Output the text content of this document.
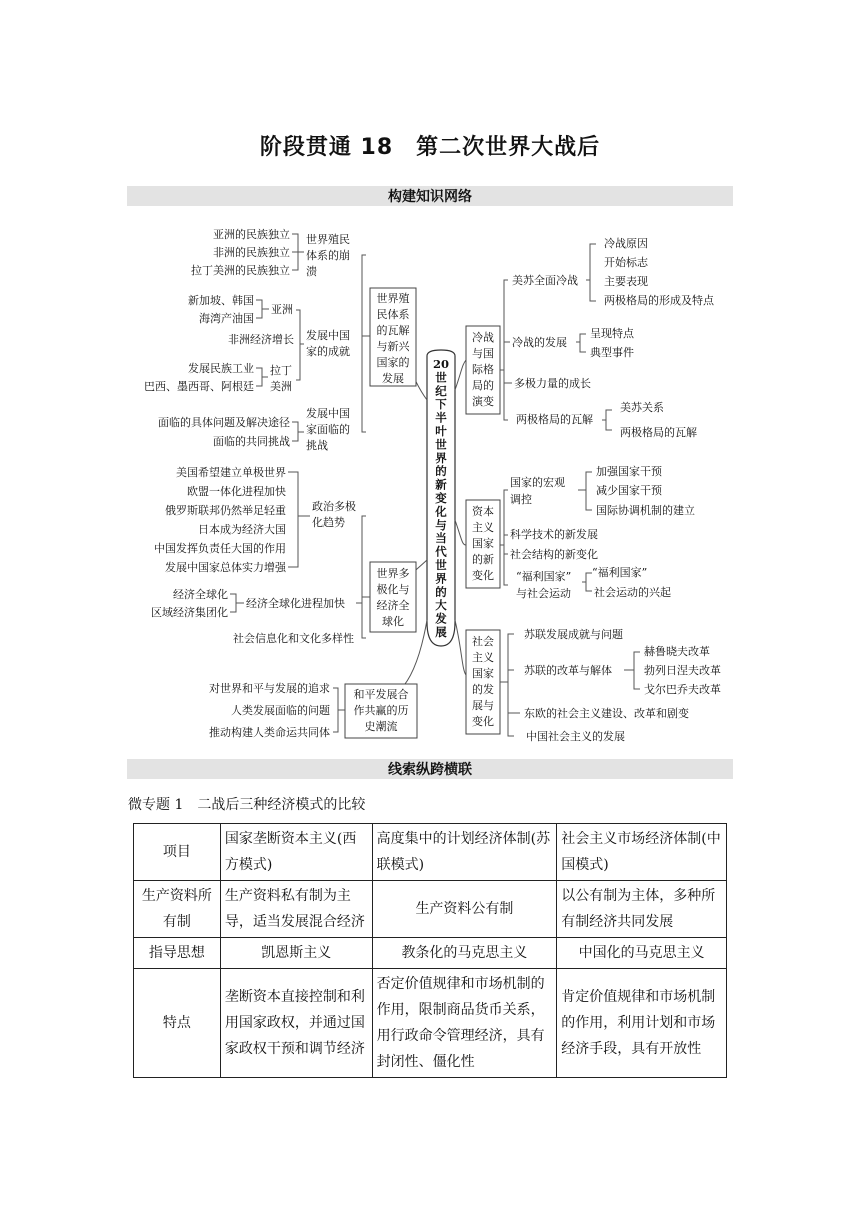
阶段贯通 18　第二次世界大战后
构建知识网络
20
世
纪
下
半
叶
世
界
的
新
变
化
与
当
代
世
界
的
大
发
展
世界殖
民体系
的瓦解
与新兴
国家的
发展
世界殖民
体系的崩
溃
亚洲的民族独立
非洲的民族独立
拉丁美洲的民族独立
发展中国
家的成就
亚洲
新加坡、韩国
海湾产油国
非洲经济增长
拉丁
美洲
发展民族工业
巴西、墨西哥、阿根廷
发展中国
家面临的
挑战
面临的具体问题及解决途径
面临的共同挑战
世界多
极化与
经济全
球化
政治多极
化趋势
美国希望建立单极世界
欧盟一体化进程加快
俄罗斯联邦仍然举足轻重
日本成为经济大国
中国发挥负责任大国的作用
发展中国家总体实力增强
经济全球化进程加快
经济全球化
区域经济集团化
社会信息化和文化多样性
和平发展合
作共赢的历
史潮流
对世界和平与发展的追求
人类发展面临的问题
推动构建人类命运共同体
冷战
与国
际格
局的
演变
美苏全面冷战
冷战原因
开始标志
主要表现
两极格局的形成及特点
冷战的发展
呈现特点
典型事件
多极力量的成长
两极格局的瓦解
美苏关系
两极格局的瓦解
资本
主义
国家
的新
变化
国家的宏观
调控
加强国家干预
减少国家干预
国际协调机制的建立
科学技术的新发展
社会结构的新变化
“福利国家”
与社会运动
“福利国家”
社会运动的兴起
社会
主义
国家
的发
展与
变化
苏联发展成就与问题
苏联的改革与解体
赫鲁晓夫改革
勃列日涅夫改革
戈尔巴乔夫改革
东欧的社会主义建设、改革和剧变
中国社会主义的发展
线索纵跨横联
微专题 1　二战后三种经济模式的比较
项目	国家垄断资本主义(西方模式)	高度集中的计划经济体制(苏联模式)	社会主义市场经济体制(中国模式)
生产资料所有制	生产资料私有制为主导，适当发展混合经济	生产资料公有制	以公有制为主体，多种所有制经济共同发展
指导思想	凯恩斯主义	教条化的马克思主义	中国化的马克思主义
特点	垄断资本直接控制和利用国家政权，并通过国家政权干预和调节经济	否定价值规律和市场机制的作用，限制商品货币关系，用行政命令管理经济，具有封闭性、僵化性	肯定价值规律和市场机制的作用，利用计划和市场经济手段，具有开放性
